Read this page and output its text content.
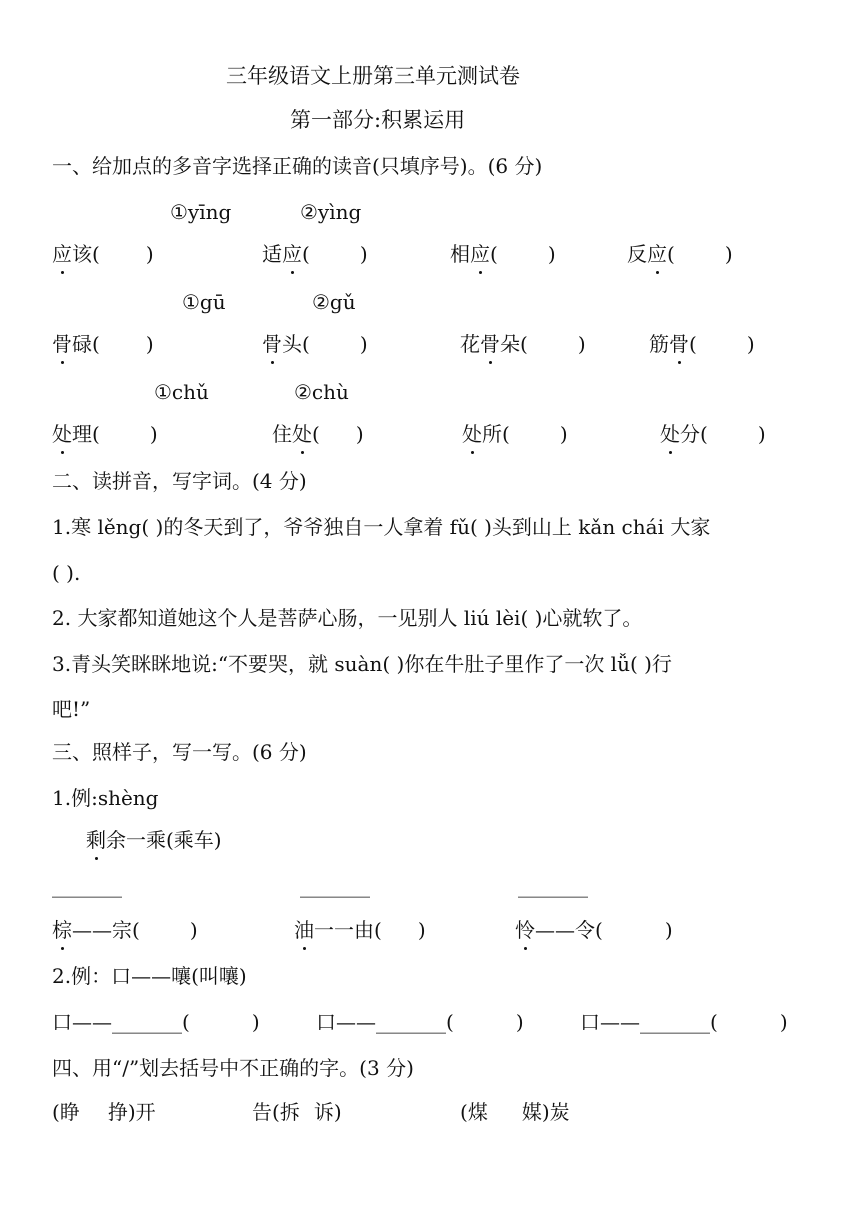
三年级语文上册第三单元测试卷
第一部分:积累运用
一、给加点的多音字选择正确的读音(只填序号)。(6 分)
①yīng	②yìng
应该( )	适应(	)	相应(	)	反应(	)
①gū	②gǔ
骨碌( )	骨头(	)	花骨朵(	)	筋骨(	)
①chǔ	②chù
处理(	)	住处( )	处所(	)	处分(	)
二、读拼音，写字词。(4 分)
1.寒 lěng( )的冬天到了，爷爷独自一人拿着 fǔ( )头到山上 kǎn chái 大家
( ).
2. 大家都知道她这个人是菩萨心肠，一见别人 liú lèi( )心就软了。
3.青头笑眯眯地说:“不要哭，就 suàn( )你在牛肚子里作了一次 lǚ( )行
吧!”
三、照样子，写一写。(6 分)
1.例:shèng
剩余一乘(乘车)
_______	_______	_______
棕——宗(	)	油一一由( )	怜——令(	)
2.例：口——嚷(叫嚷)
口——_______(	)	口——_______(	)	口——_______(	)
四、用“/”划去括号中不正确的字。(3 分)
(睁 挣)开	告(拆 诉)	(煤 媒)炭
